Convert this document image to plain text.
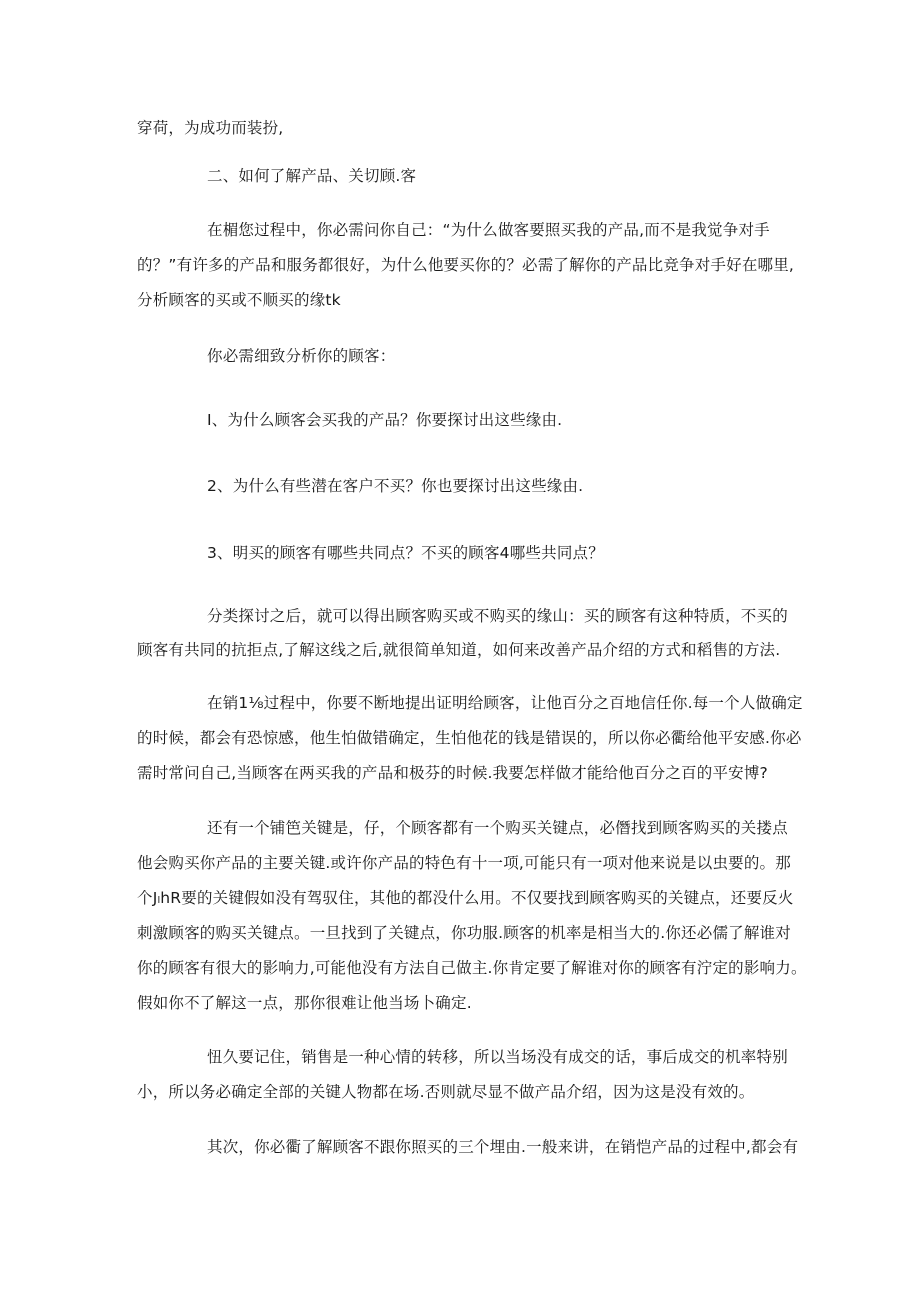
穿荷，为成功而装扮,

二、如何了解产品、关切顾.客

在楣您过程中，你必需问你自己：“为什么做客要照买我的产品,而不是我觉争对手

的？”有许多的产品和服务都很好，为什么他要买你的？必需了解你的产品比竞争对手好在哪里,

分析顾客的买或不顺买的缘tk

你必需细致分析你的顾客：

I、为什么顾客会买我的产品？你要探讨出这些缘由.

2、为什么有些潜在客户不买？你也要探讨出这些缘由.

3、明买的顾客有哪些共同点？不买的顾客4哪些共同点？

分类探讨之后，就可以得出顾客购买或不购买的缘山：买的顾客有这种特质，不买的

顾客有共同的抗拒点,了解这线之后,就很简单知道，如何来改善产品介绍的方式和稻售的方法.

在销1⅛过程中，你要不断地提出证明给顾客，让他百分之百地信任你.每一个人做确定

的时候，都会有恐惊感，他生怕做错确定，生怕他花的钱是错误的，所以你必衢给他平安感.你必

需时常问自己,当顾客在两买我的产品和极芬的时候.我要怎样做才能给他百分之百的平安博?

还有一个铺笆关键是，仔，个顾客都有一个购买关键点，必僭找到顾客购买的关搂点

他会购买你产品的主要关键.或许你产品的特色有十一项,可能只有一项对他来说是以虫要的。那

个JₗhR要的关键假如没有驾驭住，其他的都没什么用。不仅要找到顾客购买的关键点，还要反火

刺激顾客的购买关键点。一旦找到了关键点，你功服.顾客的机率是相当大的.你还必儒了解谁对

你的顾客有很大的影响力,可能他没有方法自己做主.你肯定要了解谁对你的顾客有泞定的影响力。

假如你不了解这一点，那你很难让他当场卜确定.

忸久要记住，销售是一种心情的转移，所以当场没有成交的话，事后成交的机率特别

小，所以务必确定全部的关键人物都在场.否则就尽显不做产品介绍，因为这是没有效的。

其次，你必衢了解顾客不跟你照买的三个埋由.一般来讲，在销恺产品的过程中,都会有
